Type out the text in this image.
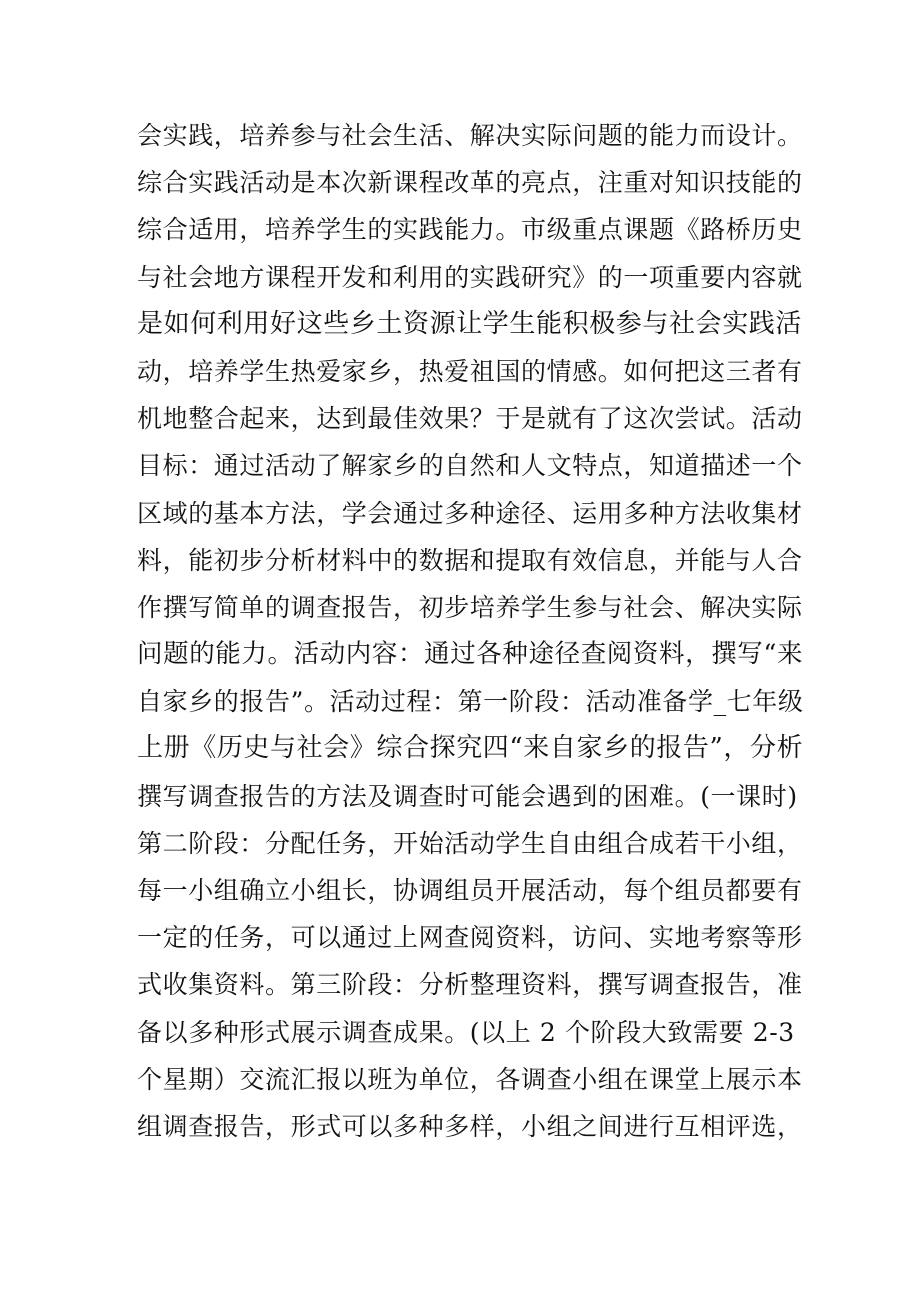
会实践，培养参与社会生活、解决实际问题的能力而设计。
综合实践活动是本次新课程改革的亮点，注重对知识技能的
综合适用，培养学生的实践能力。市级重点课题《路桥历史
与社会地方课程开发和利用的实践研究》的一项重要内容就
是如何利用好这些乡土资源让学生能积极参与社会实践活
动，培养学生热爱家乡，热爱祖国的情感。如何把这三者有
机地整合起来，达到最佳效果？于是就有了这次尝试。活动
目标：通过活动了解家乡的自然和人文特点，知道描述一个
区域的基本方法，学会通过多种途径、运用多种方法收集材
料，能初步分析材料中的数据和提取有效信息，并能与人合
作撰写简单的调查报告，初步培养学生参与社会、解决实际
问题的能力。活动内容：通过各种途径查阅资料，撰写“来
自家乡的报告”。活动过程：第一阶段：活动准备学_七年级
上册《历史与社会》综合探究四“来自家乡的报告”，分析
撰写调查报告的方法及调查时可能会遇到的困难。(一课时)
第二阶段：分配任务，开始活动学生自由组合成若干小组，
每一小组确立小组长，协调组员开展活动，每个组员都要有
一定的任务，可以通过上网查阅资料，访问、实地考察等形
式收集资料。第三阶段：分析整理资料，撰写调查报告，准
备以多种形式展示调查成果。(以上 2 个阶段大致需要 2-3
个星期）交流汇报以班为单位，各调查小组在课堂上展示本
组调查报告，形式可以多种多样，小组之间进行互相评选，
